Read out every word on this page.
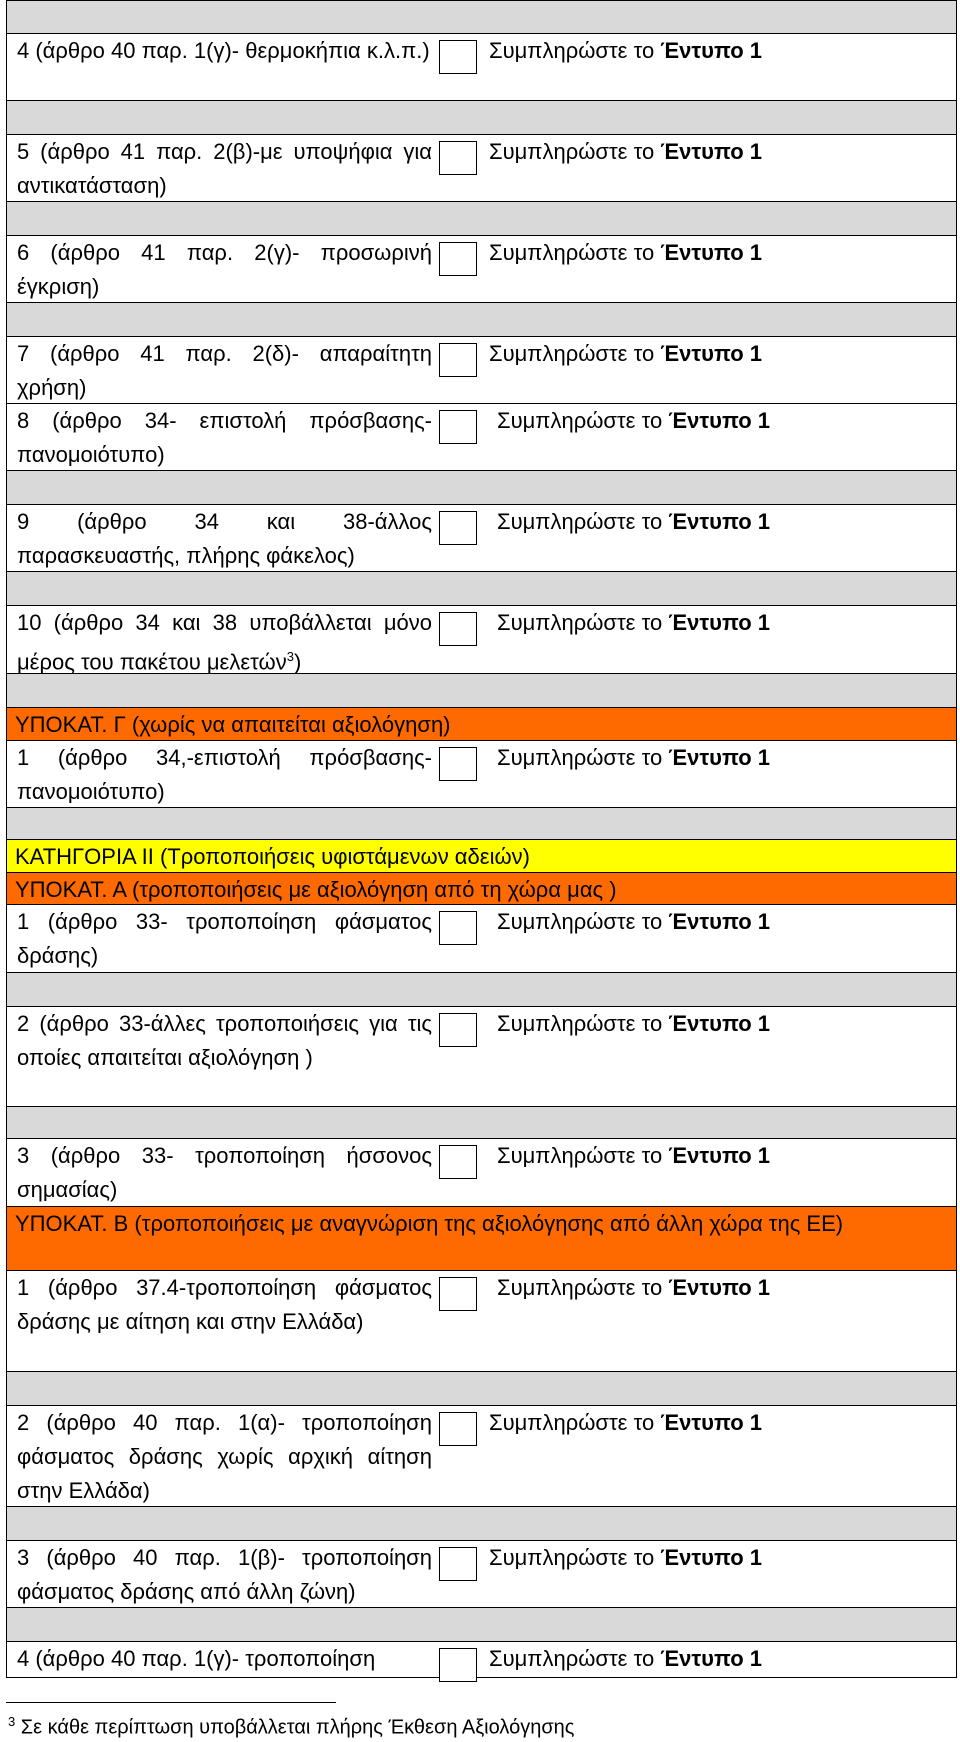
4 (άρθρο 40 παρ. 1(γ)- θερμοκήπια κ.λ.π.)	Συμπληρώστε το Έντυπο 1
5 (άρθρο 41 παρ. 2(β)-με υποψήφια για αντικατάσταση)
Συμπληρώστε το Έντυπο 1
6 (άρθρο 41 παρ. 2(γ)- προσωρινή έγκριση)
Συμπληρώστε το Έντυπο 1
7 (άρθρο 41 παρ. 2(δ)- απαραίτητη χρήση)
Συμπληρώστε το Έντυπο 1
8 (άρθρο 34- επιστολή πρόσβασης- πανομοιότυπο)
Συμπληρώστε το Έντυπο 1
9 (άρθρο 34 και 38-άλλος παρασκευαστής, πλήρης φάκελος)
Συμπληρώστε το Έντυπο 1
10 (άρθρο 34 και 38 υποβάλλεται μόνο μέρος του πακέτου μελετών$^3$)
Συμπληρώστε το Έντυπο 1
ΥΠΟΚΑΤ. Γ (χωρίς να απαιτείται αξιολόγηση)
1 (άρθρο 34,-επιστολή πρόσβασης- πανομοιότυπο)
Συμπληρώστε το Έντυπο 1
ΚΑΤΗΓΟΡΙΑ ΙΙ (Τροποποιήσεις υφιστάμενων αδειών)
ΥΠΟΚΑΤ. Α (τροποποιήσεις με αξιολόγηση από τη χώρα μας )
1 (άρθρο 33- τροποποίηση φάσματος δράσης)
Συμπληρώστε το Έντυπο 1
2 (άρθρο 33-άλλες τροποποιήσεις για τις οποίες απαιτείται αξιολόγηση )
Συμπληρώστε το Έντυπο 1
3 (άρθρο 33- τροποποίηση ήσσονος σημασίας)
Συμπληρώστε το Έντυπο 1
ΥΠΟΚΑΤ. Β (τροποποιήσεις με αναγνώριση της αξιολόγησης από άλλη χώρα της ΕΕ)
1 (άρθρο 37.4-τροποποίηση φάσματος δράσης με αίτηση και στην Ελλάδα)
Συμπληρώστε το Έντυπο 1
2 (άρθρο 40 παρ. 1(α)- τροποποίηση φάσματος δράσης χωρίς αρχική αίτηση στην Ελλάδα)
Συμπληρώστε το Έντυπο 1
3 (άρθρο 40 παρ. 1(β)- τροποποίηση φάσματος δράσης από άλλη ζώνη)
Συμπληρώστε το Έντυπο 1
4 (άρθρο 40 παρ. 1(γ)- τροποποίηση	Συμπληρώστε το Έντυπο 1
$^3$ Σε κάθε περίπτωση υποβάλλεται πλήρης Έκθεση Αξιολόγησης
